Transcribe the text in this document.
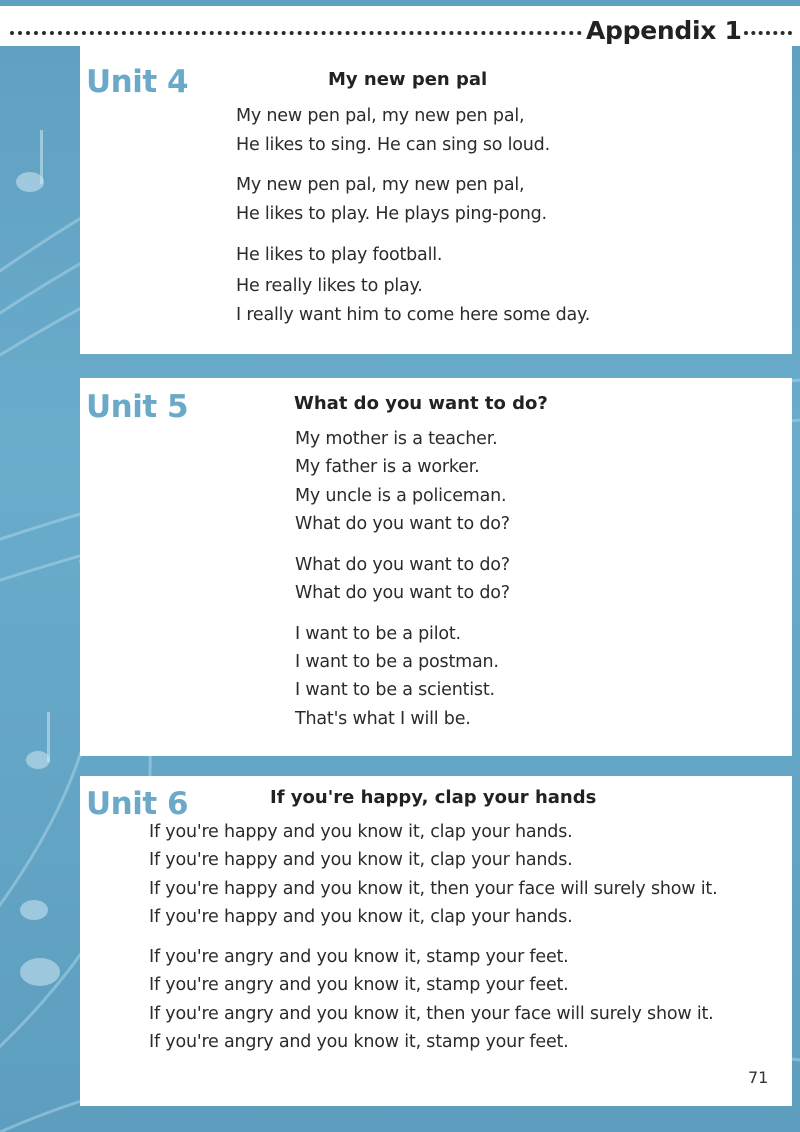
Appendix 1
Unit 4	My new pen pal
My new pen pal, my new pen pal,
He likes to sing. He can sing so loud.
My new pen pal, my new pen pal,
He likes to play. He plays ping-pong.
He likes to play football.
He really likes to play.
I really want him to come here some day.
Unit 5	What do you want to do?
My mother is a teacher.
My father is a worker.
My uncle is a policeman.
What do you want to do?
What do you want to do?
What do you want to do?
I want to be a pilot.
I want to be a postman.
I want to be a scientist.
That's what I will be.
Unit 6	If you're happy, clap your hands
If you're happy and you know it, clap your hands.
If you're happy and you know it, clap your hands.
If you're happy and you know it, then your face will surely show it.
If you're happy and you know it, clap your hands.
If you're angry and you know it, stamp your feet.
If you're angry and you know it, stamp your feet.
If you're angry and you know it, then your face will surely show it.
If you're angry and you know it, stamp your feet.
71
